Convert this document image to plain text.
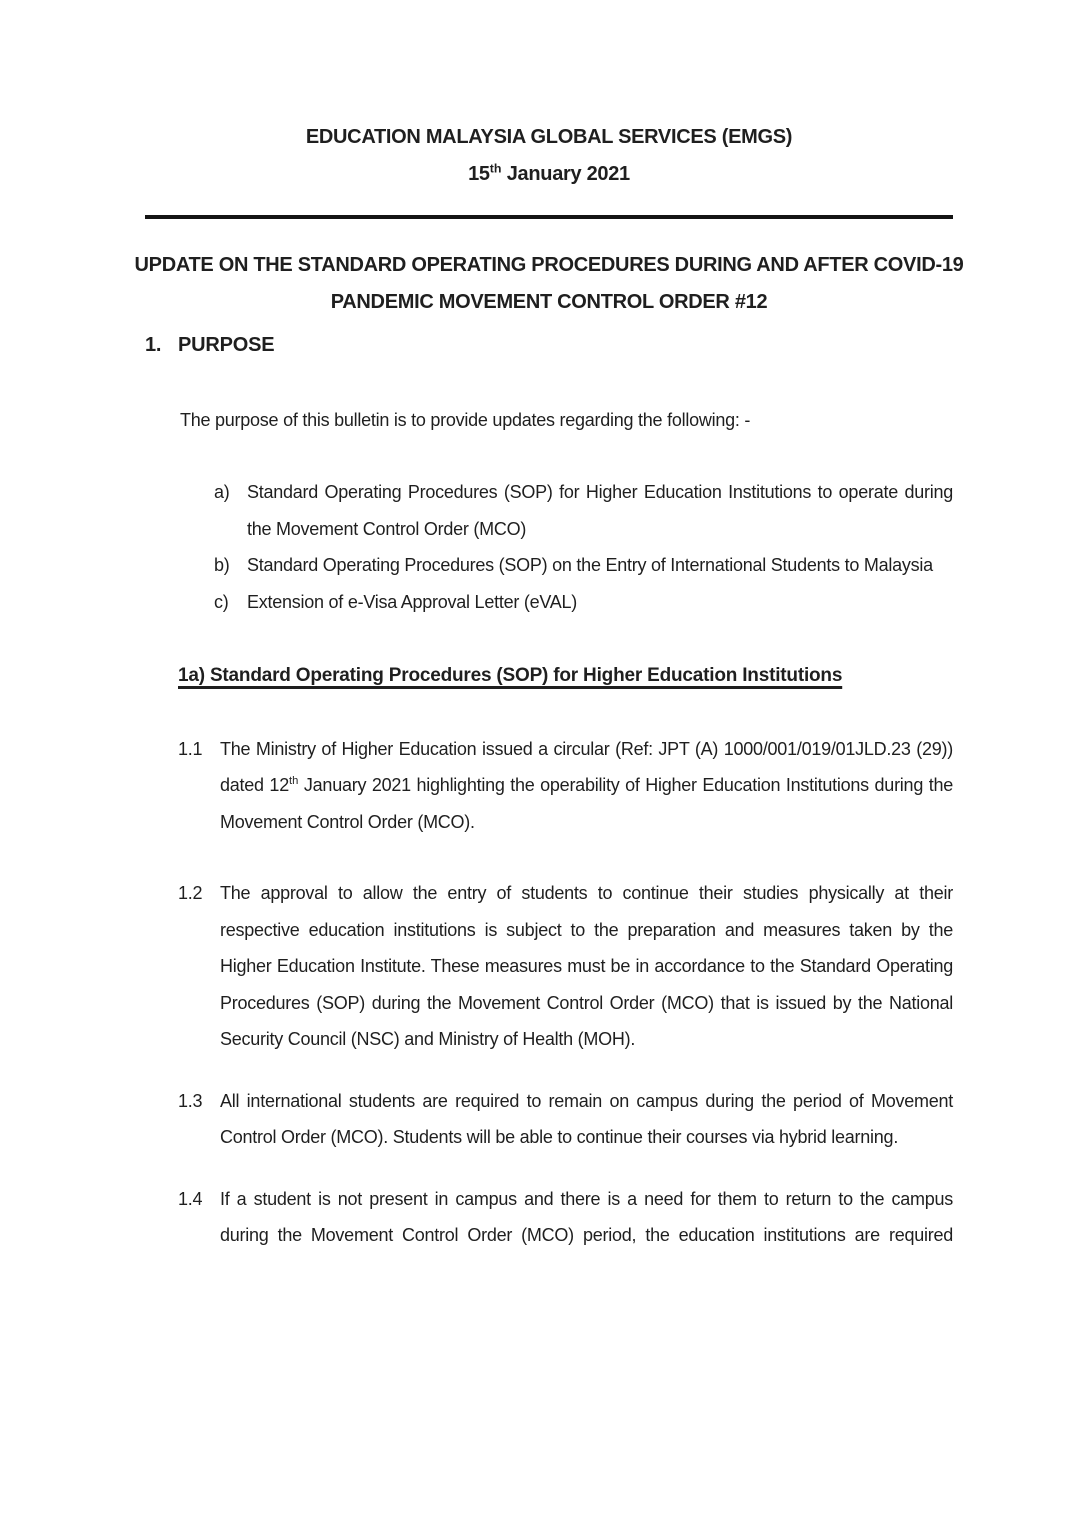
EDUCATION MALAYSIA GLOBAL SERVICES (EMGS)
15th January 2021
UPDATE ON THE STANDARD OPERATING PROCEDURES DURING AND AFTER COVID-19
PANDEMIC MOVEMENT CONTROL ORDER #12
1. PURPOSE

The purpose of this bulletin is to provide updates regarding the following: -

a) Standard Operating Procedures (SOP) for Higher Education Institutions to operate during the Movement Control Order (MCO)
b) Standard Operating Procedures (SOP) on the Entry of International Students to Malaysia
c)	Extension of e-Visa Approval Letter (eVAL)
1a) Standard Operating Procedures (SOP) for Higher Education Institutions
1.1 The Ministry of Higher Education issued a circular (Ref: JPT (A) 1000/001/019/01JLD.23 (29)) dated 12th January 2021 highlighting the operability of Higher Education Institutions during the Movement Control Order (MCO).

1.2 The approval to allow the entry of students to continue their studies physically at their respective education institutions is subject to the preparation and measures taken by the Higher Education Institute. These measures must be in accordance to the Standard Operating Procedures (SOP) during the Movement Control Order (MCO) that is issued by the National Security Council (NSC) and Ministry of Health (MOH).

1.3 All international students are required to remain on campus during the period of Movement Control Order (MCO). Students will be able to continue their courses via hybrid learning.

1.4 If a student is not present in campus and there is a need for them to return to the campus during the Movement Control Order (MCO) period, the education institutions are required
